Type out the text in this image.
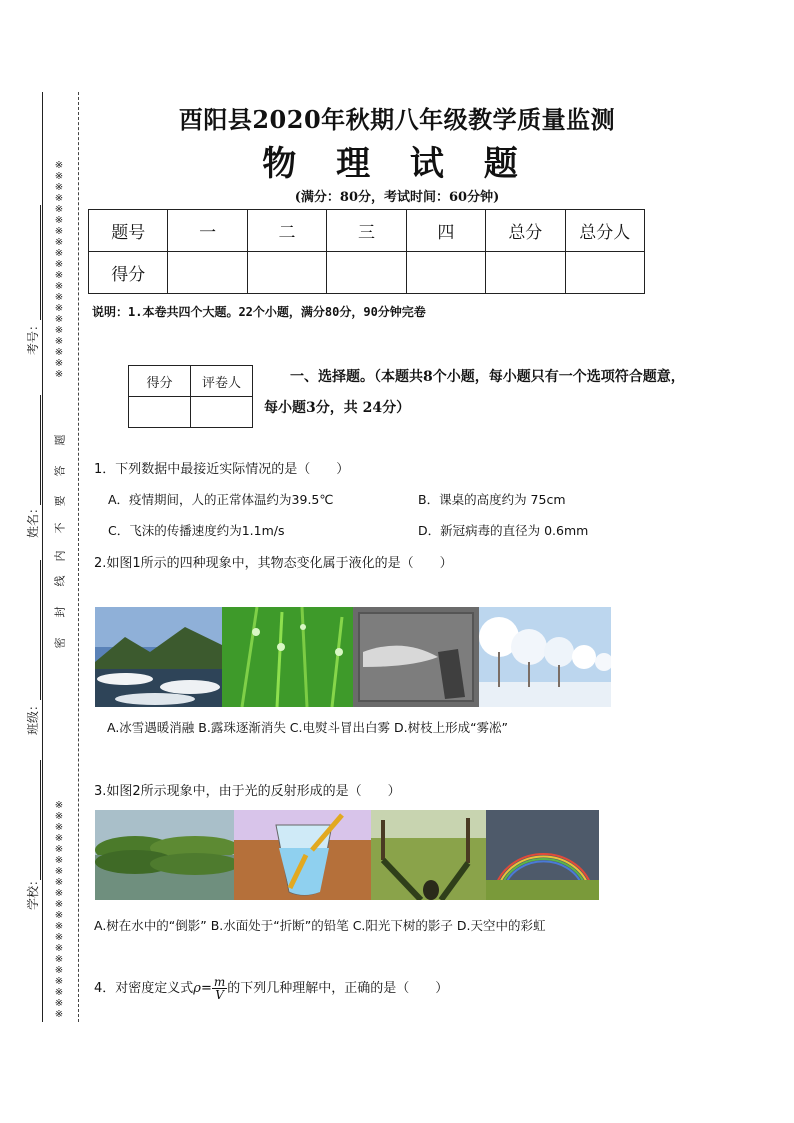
※※※※※※※※※※※※※※※※※※※※
※※※※※※※※※※※※※※※※※※※※
考号：
姓名：
班级：
学校：
题
答
要
不
内
线
封
密
酉阳县2020年秋期八年级教学质量监测
物 理 试 题
(满分：80分，考试时间：60分钟)
题号	一	二	三	四	总分	总分人
得分						
说明：1.本卷共四个大题。22个小题，满分80分，90分钟完卷
得分	评卷人
		一、选择题。（本题共8个小题，每小题只有一个选项符合题意，
每小题3分，共 24分）
1．下列数据中最接近实际情况的是（　　）
A．疫情期间，人的正常体温约为39.5℃	B．课桌的高度约为 75cm
C．飞沫的传播速度约为1.1m/s	D．新冠病毒的直径为 0.6mm
2.如图1所示的四种现象中，其物态变化属于液化的是（　　）
A.冰雪遇暖消融 B.露珠逐渐消失 C.电熨斗冒出白雾 D.树枝上形成“雾凇”
3.如图2所示现象中，由于光的反射形成的是（　　）
A.树在水中的“倒影” B.水面处于“折断”的铅笔 C.阳光下树的影子 D.天空中的彩虹
4．对密度定义式$\rho= \frac{m}{V}$ 的下列几种理解中，正确的是（　　）
